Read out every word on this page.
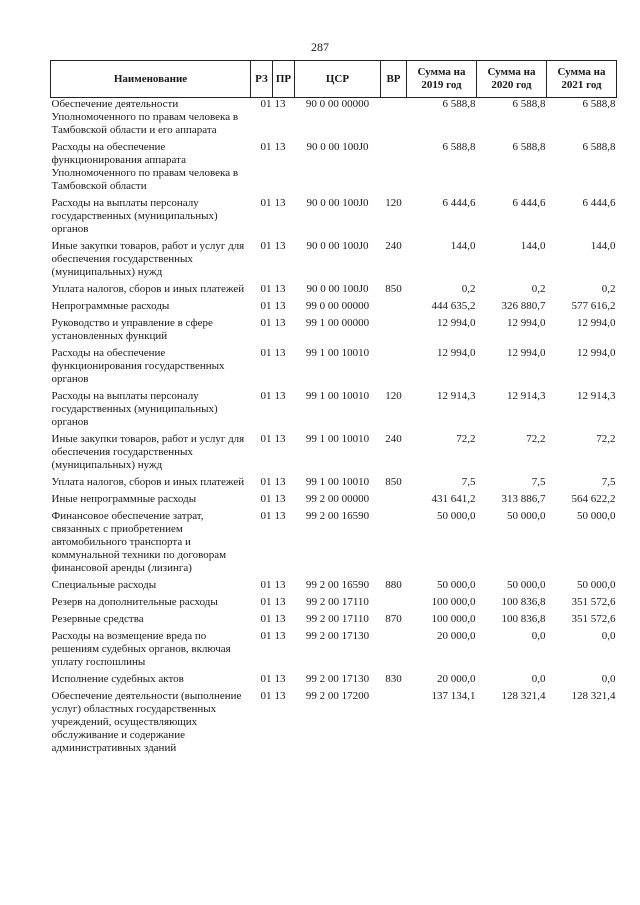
287
Наименование	РЗ	ПР	ЦСР	ВР	Сумма на 2019 год	Сумма на 2020 год	Сумма на 2021 год
Обеспечение деятельности Уполномоченного по правам человека в Тамбовской области и его аппарата	01	13	90 0 00 00000		6 588,8	6 588,8	6 588,8
Расходы на обеспечение функционирования аппарата Уполномоченного по правам человека в Тамбовской области	01	13	90 0 00 100J0		6 588,8	6 588,8	6 588,8
Расходы на выплаты персоналу государственных (муниципальных) органов	01	13	90 0 00 100J0	120	6 444,6	6 444,6	6 444,6
Иные закупки товаров, работ и услуг для обеспечения государственных (муниципальных) нужд	01	13	90 0 00 100J0	240	144,0	144,0	144,0
Уплата налогов, сборов и иных платежей	01	13	90 0 00 100J0	850	0,2	0,2	0,2
Непрограммные расходы	01	13	99 0 00 00000		444 635,2	326 880,7	577 616,2
Руководство и управление в сфере установленных функций	01	13	99 1 00 00000		12 994,0	12 994,0	12 994,0
Расходы на обеспечение функционирования государственных органов	01	13	99 1 00 10010		12 994,0	12 994,0	12 994,0
Расходы на выплаты персоналу государственных (муниципальных) органов	01	13	99 1 00 10010	120	12 914,3	12 914,3	12 914,3
Иные закупки товаров, работ и услуг для обеспечения государственных (муниципальных) нужд	01	13	99 1 00 10010	240	72,2	72,2	72,2
Уплата налогов, сборов и иных платежей	01	13	99 1 00 10010	850	7,5	7,5	7,5
Иные непрограммные расходы	01	13	99 2 00 00000		431 641,2	313 886,7	564 622,2
Финансовое обеспечение затрат, связанных с приобретением автомобильного транспорта и коммунальной техники по договорам финансовой аренды (лизинга)	01	13	99 2 00 16590		50 000,0	50 000,0	50 000,0
Специальные расходы	01	13	99 2 00 16590	880	50 000,0	50 000,0	50 000,0
Резерв на дополнительные расходы	01	13	99 2 00 17110		100 000,0	100 836,8	351 572,6
Резервные средства	01	13	99 2 00 17110	870	100 000,0	100 836,8	351 572,6
Расходы на возмещение вреда по решениям судебных органов, включая уплату госпошлины	01	13	99 2 00 17130		20 000,0	0,0	0,0
Исполнение судебных актов	01	13	99 2 00 17130	830	20 000,0	0,0	0,0
Обеспечение деятельности (выполнение услуг) областных государственных учреждений, осуществляющих обслуживание и содержание административных зданий	01	13	99 2 00 17200		137 134,1	128 321,4	128 321,4
